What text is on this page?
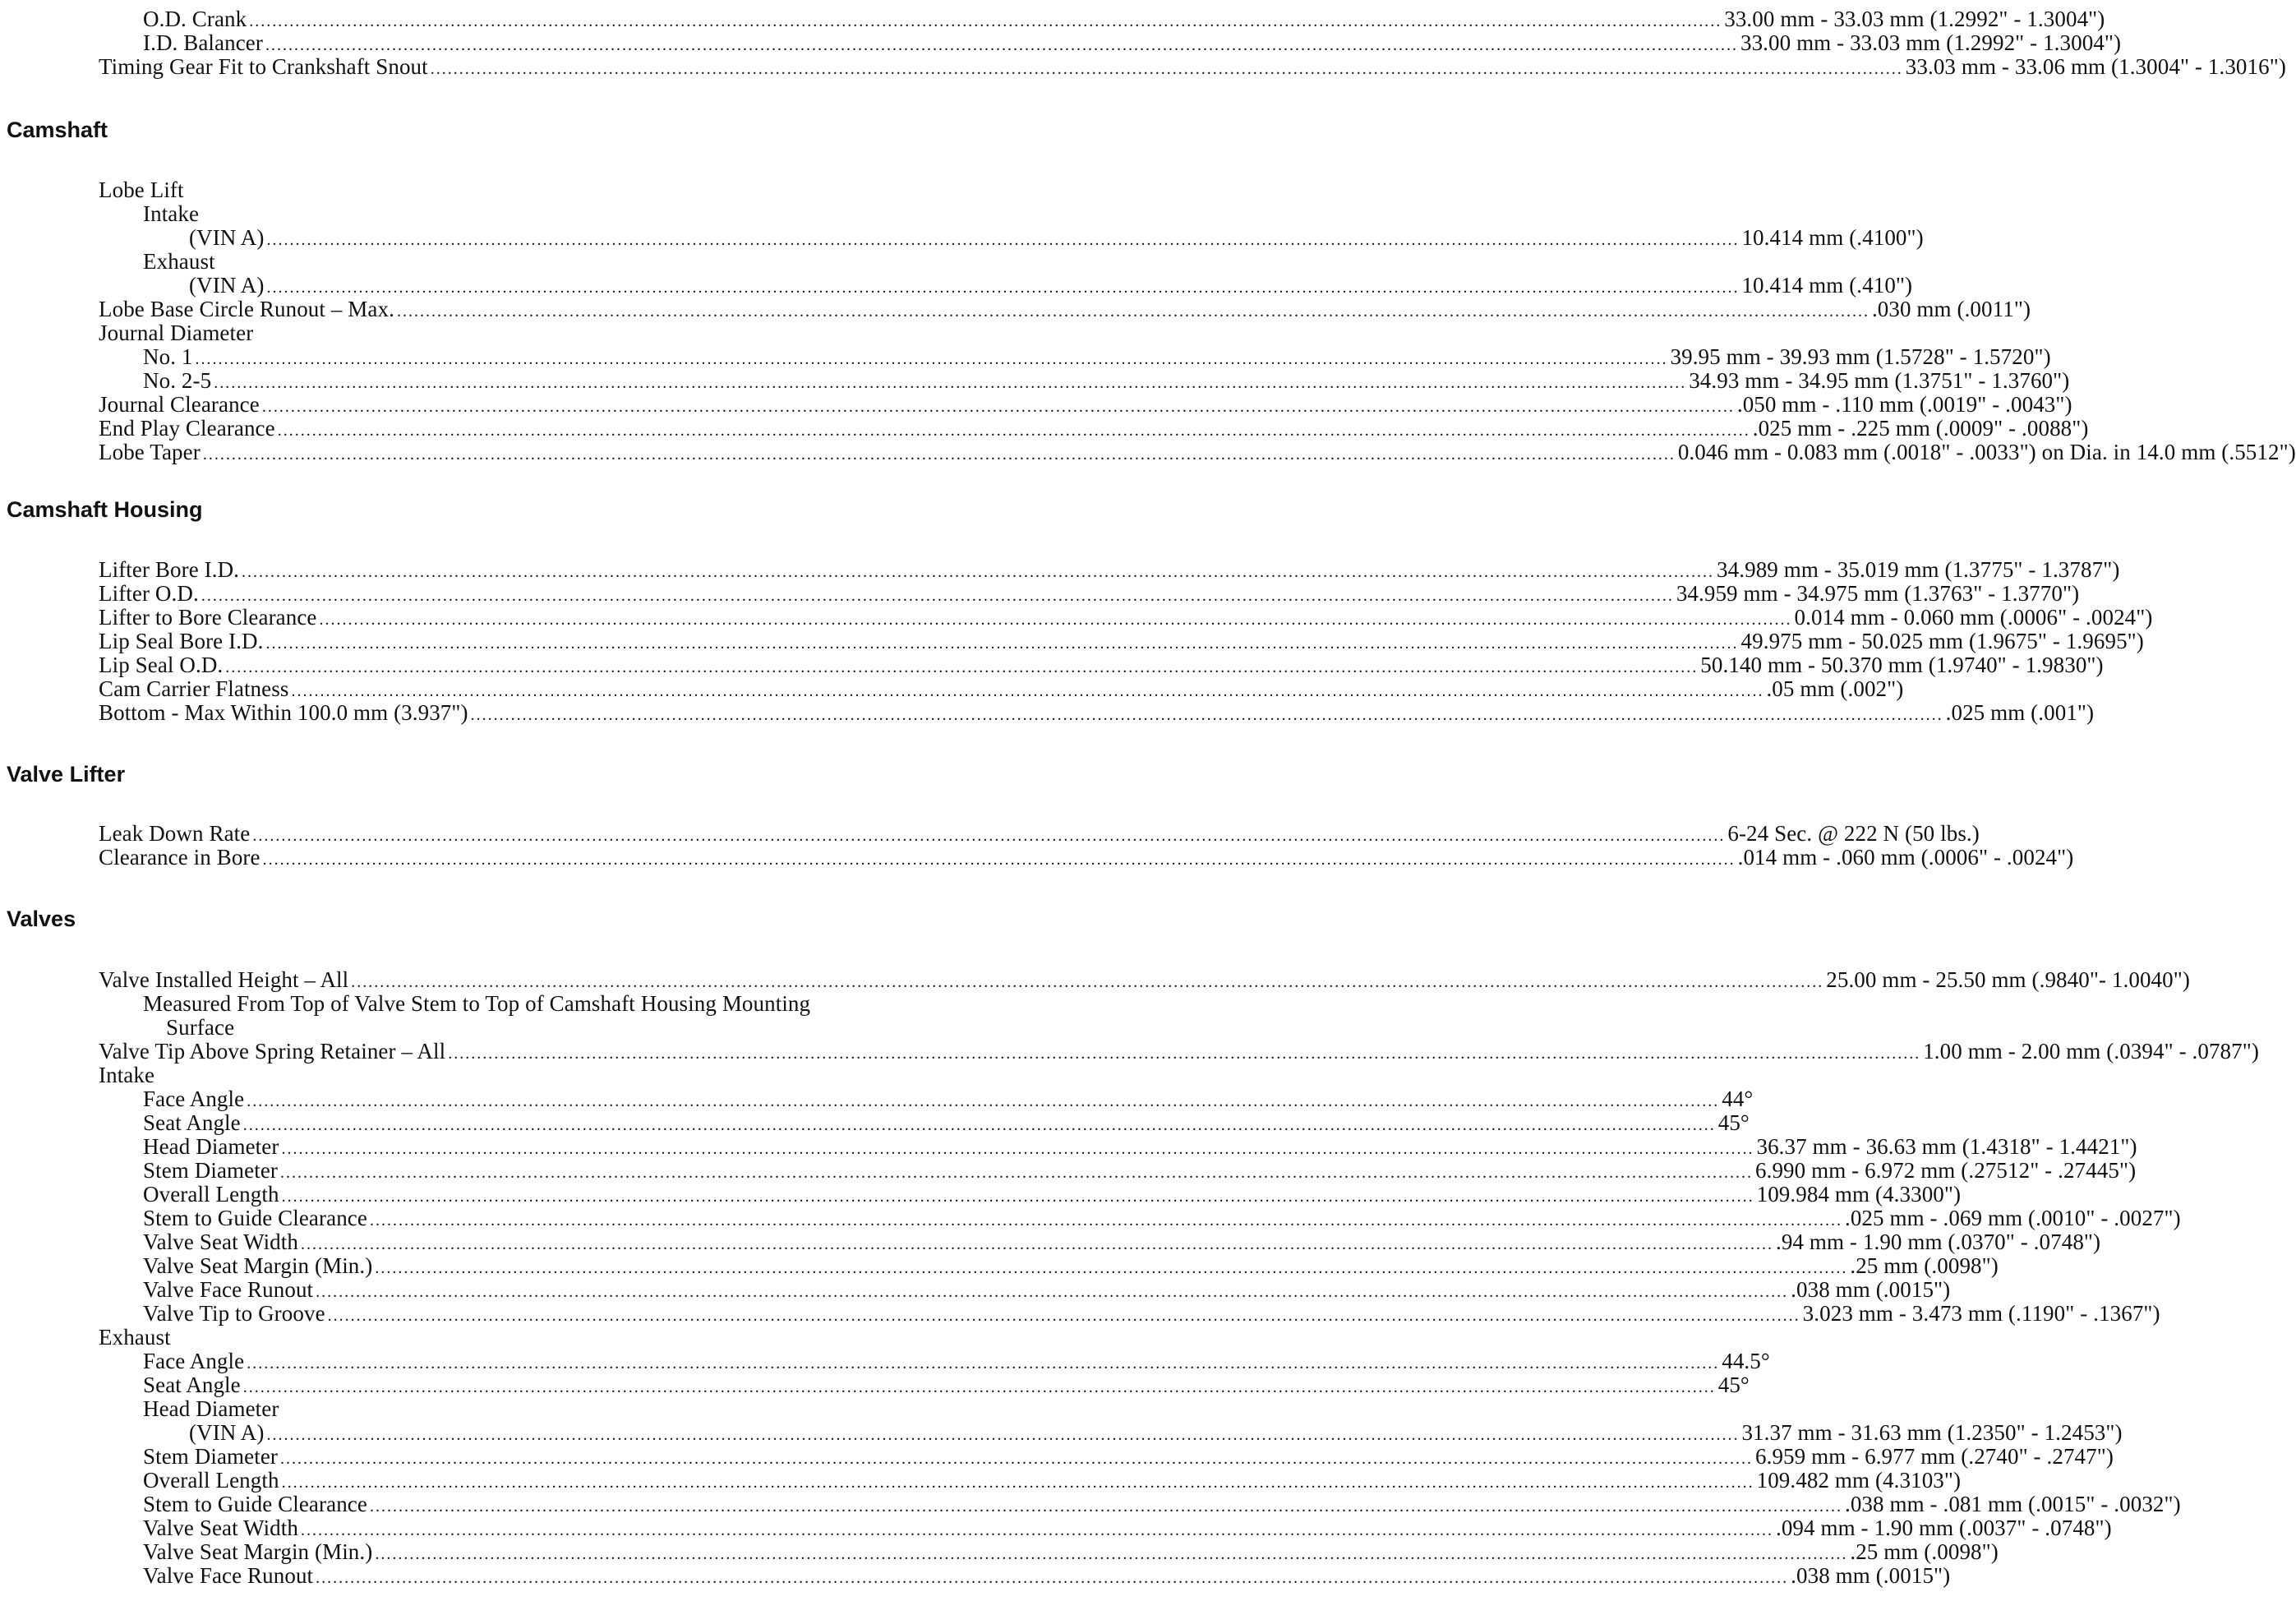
O.D. Crank .....	33.00 mm - 33.03 mm (1.2992" - 1.3004")
I.D. Balancer .....	33.00 mm - 33.03 mm (1.2992" - 1.3004")
Timing Gear Fit to Crankshaft Snout .....	33.03 mm - 33.06 mm (1.3004" - 1.3016")
Camshaft
Lobe Lift
Intake
(VIN A) .....	10.414 mm (.4100")
Exhaust
(VIN A) .....	10.414 mm (.410")
Lobe Base Circle Runout – Max. .....	.030 mm (.0011")
Journal Diameter
No. 1 .....	39.95 mm - 39.93 mm (1.5728" - 1.5720")
No. 2-5 .....	34.93 mm - 34.95 mm (1.3751" - 1.3760")
Journal Clearance .....	.050 mm - .110 mm (.0019" - .0043")
End Play Clearance .....	.025 mm - .225 mm (.0009" - .0088")
Lobe Taper .....	0.046 mm - 0.083 mm (.0018" - .0033") on Dia. in 14.0 mm (.5512")
Camshaft Housing
Lifter Bore I.D. .....	34.989 mm - 35.019 mm (1.3775" - 1.3787")
Lifter O.D. .....	34.959 mm - 34.975 mm (1.3763" - 1.3770")
Lifter to Bore Clearance .....	0.014 mm - 0.060 mm (.0006" - .0024")
Lip Seal Bore I.D. .....	49.975 mm - 50.025 mm (1.9675" - 1.9695")
Lip Seal O.D. .....	50.140 mm - 50.370 mm (1.9740" - 1.9830")
Cam Carrier Flatness .....	.05 mm (.002")
Bottom - Max Within 100.0 mm (3.937") .....	.025 mm (.001")
Valve Lifter
Leak Down Rate .....	6-24 Sec. @ 222 N (50 lbs.)
Clearance in Bore .....	.014 mm - .060 mm (.0006" - .0024")
Valves
Valve Installed Height – All .....	25.00 mm - 25.50 mm (.9840"- 1.0040")
Measured From Top of Valve Stem to Top of Camshaft Housing Mounting
Surface
Valve Tip Above Spring Retainer – All .....	1.00 mm - 2.00 mm (.0394" - .0787")
Intake
Face Angle .....	44°
Seat Angle .....	45°
Head Diameter .....	36.37 mm - 36.63 mm (1.4318" - 1.4421")
Stem Diameter .....	6.990 mm - 6.972 mm (.27512" - .27445")
Overall Length .....	109.984 mm (4.3300")
Stem to Guide Clearance .....	.025 mm - .069 mm (.0010" - .0027")
Valve Seat Width .....	.94 mm - 1.90 mm (.0370" - .0748")
Valve Seat Margin (Min.) .....	.25 mm (.0098")
Valve Face Runout .....	.038 mm (.0015")
Valve Tip to Groove .....	3.023 mm - 3.473 mm (.1190" - .1367")
Exhaust
Face Angle .....	44.5°
Seat Angle .....	45°
Head Diameter
(VIN A) .....	31.37 mm - 31.63 mm (1.2350" - 1.2453")
Stem Diameter .....	6.959 mm - 6.977 mm (.2740" - .2747")
Overall Length .....	109.482 mm (4.3103")
Stem to Guide Clearance .....	.038 mm - .081 mm (.0015" - .0032")
Valve Seat Width .....	.094 mm - 1.90 mm (.0037" - .0748")
Valve Seat Margin (Min.) .....	.25 mm (.0098")
Valve Face Runout .....	.038 mm (.0015")
